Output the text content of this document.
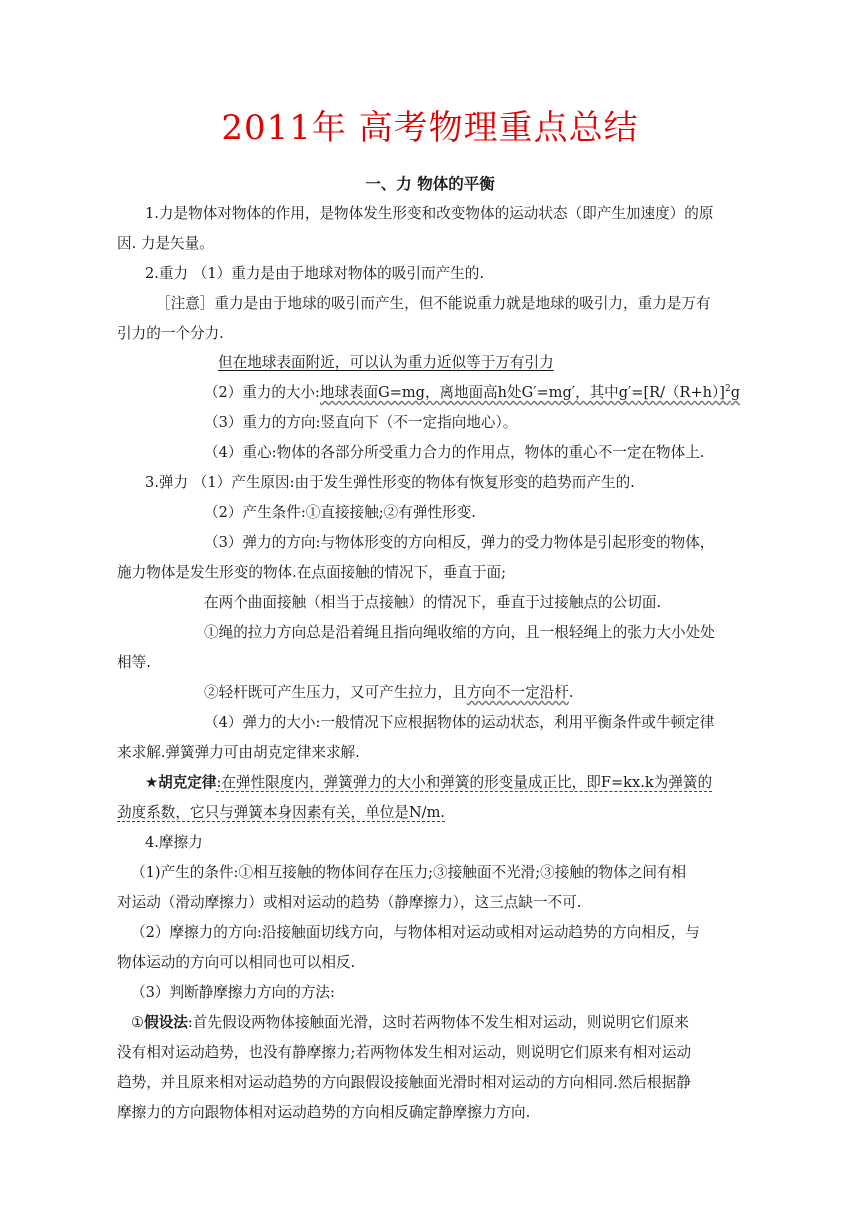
2011年 高考物理重点总结
一、力 物体的平衡
1.力是物体对物体的作用，是物体发生形变和改变物体的运动状态（即产生加速度）的原
因. 力是矢量。
2.重力 （1）重力是由于地球对物体的吸引而产生的.
［注意］重力是由于地球的吸引而产生，但不能说重力就是地球的吸引力，重力是万有
引力的一个分力.
但在地球表面附近，可以认为重力近似等于万有引力
（2）重力的大小:地球表面G=mg，离地面高h处G′=mg′，其中$g'=[R/(R+h)]^2g$
（3）重力的方向:竖直向下（不一定指向地心）。
（4）重心:物体的各部分所受重力合力的作用点，物体的重心不一定在物体上.
3.弹力 （1）产生原因:由于发生弹性形变的物体有恢复形变的趋势而产生的.
（2）产生条件:①直接接触;②有弹性形变.
（3）弹力的方向:与物体形变的方向相反，弹力的受力物体是引起形变的物体，
施力物体是发生形变的物体.在点面接触的情况下，垂直于面;
在两个曲面接触（相当于点接触）的情况下，垂直于过接触点的公切面.
①绳的拉力方向总是沿着绳且指向绳收缩的方向，且一根轻绳上的张力大小处处
相等.
②轻杆既可产生压力，又可产生拉力，且方向不一定沿杆.
（4）弹力的大小:一般情况下应根据物体的运动状态，利用平衡条件或牛顿定律
来求解.弹簧弹力可由胡克定律来求解.
★胡克定律:在弹性限度内，弹簧弹力的大小和弹簧的形变量成正比，即F=kx.k为弹簧的
劲度系数，它只与弹簧本身因素有关，单位是N/m.
4.摩擦力
（1)产生的条件:①相互接触的物体间存在压力;③接触面不光滑;③接触的物体之间有相
对运动（滑动摩擦力）或相对运动的趋势（静摩擦力），这三点缺一不可.
（2）摩擦力的方向:沿接触面切线方向，与物体相对运动或相对运动趋势的方向相反，与
物体运动的方向可以相同也可以相反.
（3）判断静摩擦力方向的方法:
①假设法:首先假设两物体接触面光滑，这时若两物体不发生相对运动，则说明它们原来
没有相对运动趋势，也没有静摩擦力;若两物体发生相对运动，则说明它们原来有相对运动
趋势，并且原来相对运动趋势的方向跟假设接触面光滑时相对运动的方向相同.然后根据静
摩擦力的方向跟物体相对运动趋势的方向相反确定静摩擦力方向.
